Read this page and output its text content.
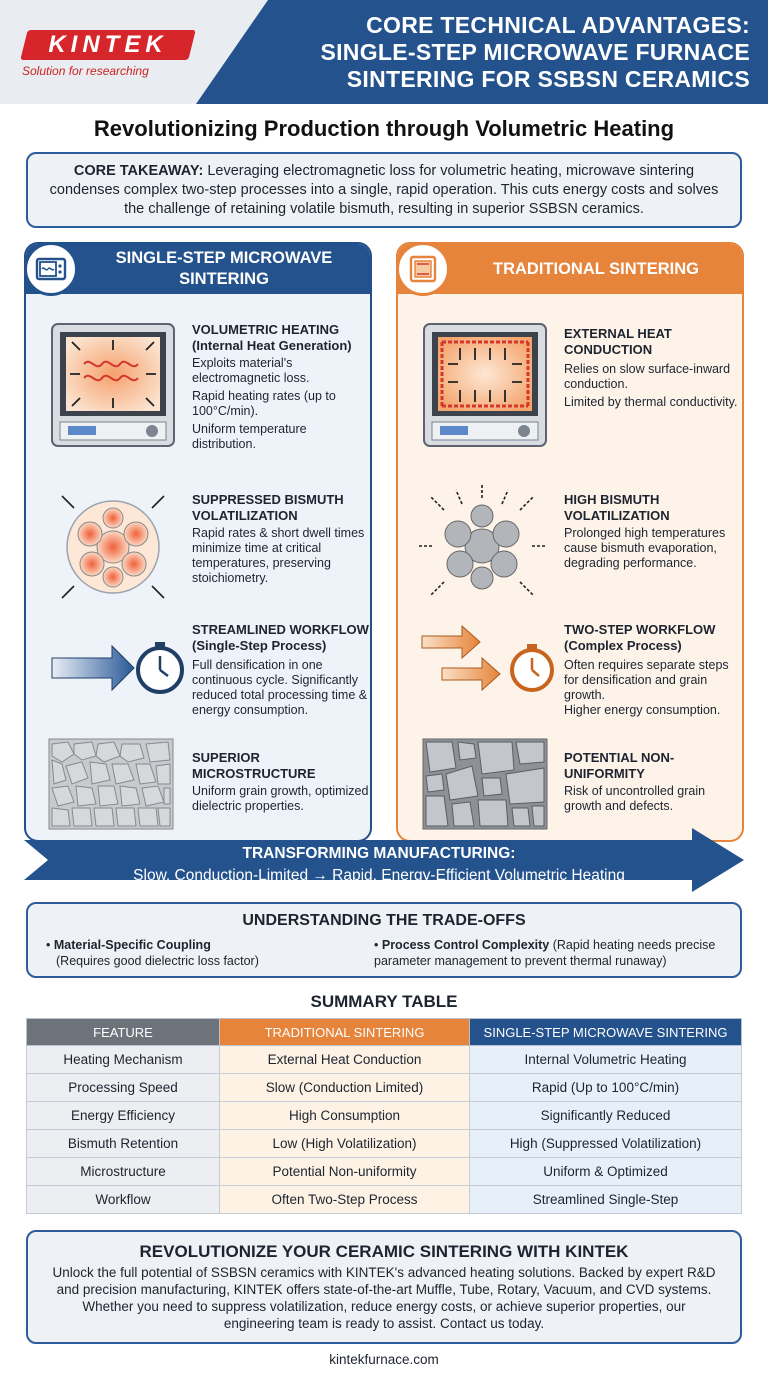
KINTEK
Solution for researching
CORE TECHNICAL ADVANTAGES:
SINGLE-STEP MICROWAVE FURNACE
SINTERING FOR SSBSN CERAMICS
Revolutionizing Production through Volumetric Heating
CORE TAKEAWAY: Leveraging electromagnetic loss for volumetric heating, microwave sintering condenses complex two-step processes into a single, rapid operation. This cuts energy costs and solves the challenge of retaining volatile bismuth, resulting in superior SSBSN ceramics.
SINGLE-STEP MICROWAVE
SINTERING
VOLUMETRIC HEATING
(Internal Heat Generation)
Exploits material's electromagnetic loss.
Rapid heating rates (up to 100°C/min).
Uniform temperature distribution.
SUPPRESSED BISMUTH VOLATILIZATION
Rapid rates & short dwell times minimize time at critical temperatures, preserving stoichiometry.
STREAMLINED WORKFLOW
(Single-Step Process)
Full densification in one continuous cycle. Significantly reduced total processing time & energy consumption.
SUPERIOR MICROSTRUCTURE
Uniform grain growth, optimized dielectric properties.
TRADITIONAL SINTERING
EXTERNAL HEAT CONDUCTION
Relies on slow surface-inward conduction.
Limited by thermal conductivity.
HIGH BISMUTH VOLATILIZATION
Prolonged high temperatures cause bismuth evaporation, degrading performance.
TWO-STEP WORKFLOW
(Complex Process)
Often requires separate steps for densification and grain growth.
Higher energy consumption.
POTENTIAL NON-UNIFORMITY
Risk of uncontrolled grain growth and defects.
TRANSFORMING MANUFACTURING:
Slow, Conduction-Limited → Rapid, Energy-Efficient Volumetric Heating
UNDERSTANDING THE TRADE-OFFS
• Material-Specific Coupling
(Requires good dielectric loss factor)
• Process Control Complexity (Rapid heating needs precise parameter management to prevent thermal runaway)
SUMMARY TABLE
FEATURE	TRADITIONAL SINTERING	SINGLE-STEP MICROWAVE SINTERING
Heating Mechanism	External Heat Conduction	Internal Volumetric Heating
Processing Speed	Slow (Conduction Limited)	Rapid (Up to 100°C/min)
Energy Efficiency	High Consumption	Significantly Reduced
Bismuth Retention	Low (High Volatilization)	High (Suppressed Volatilization)
Microstructure	Potential Non-uniformity	Uniform & Optimized
Workflow	Often Two-Step Process	Streamlined Single-Step
REVOLUTIONIZE YOUR CERAMIC SINTERING WITH KINTEK
Unlock the full potential of SSBSN ceramics with KINTEK's advanced heating solutions. Backed by expert R&D and precision manufacturing, KINTEK offers state-of-the-art Muffle, Tube, Rotary, Vacuum, and CVD systems. Whether you need to suppress volatilization, reduce energy costs, or achieve superior properties, our engineering team is ready to assist. Contact us today.
kintekfurnace.com
